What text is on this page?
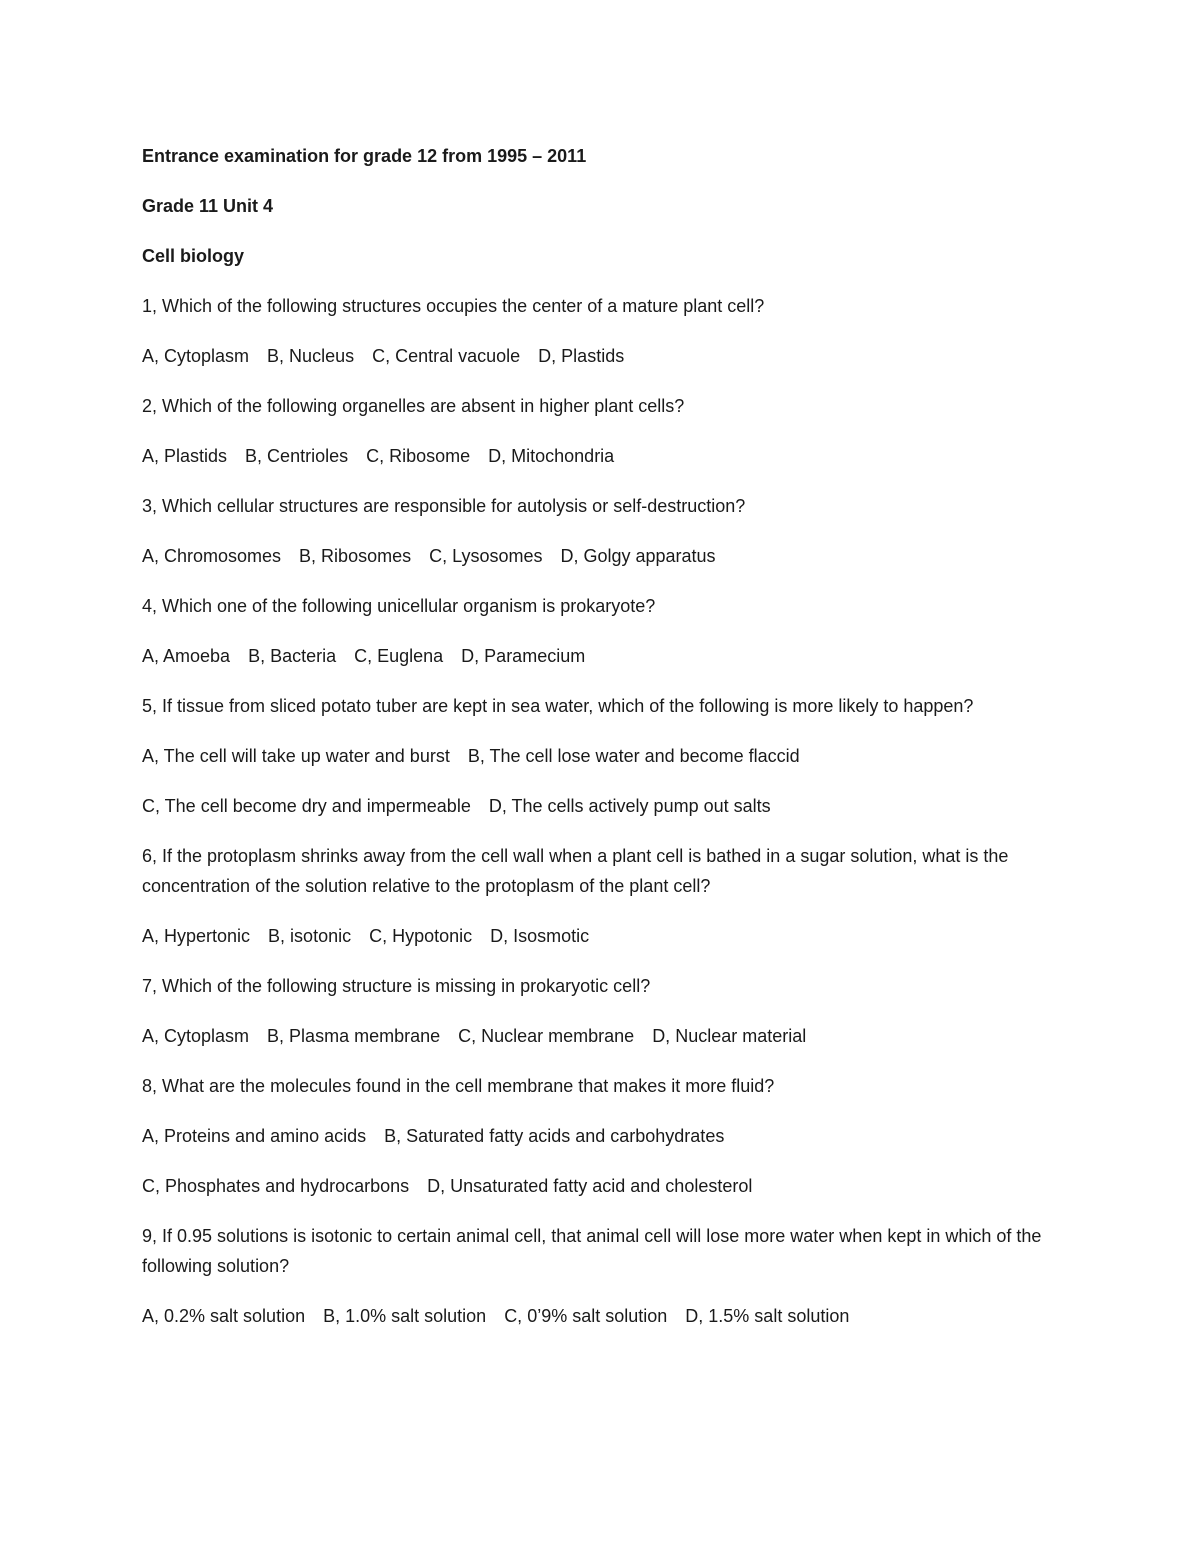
Entrance examination for grade 12 from 1995 – 2011
Grade 11 Unit 4
Cell biology
1, Which of the following structures occupies the center of a mature plant cell?
A, Cytoplasm B, Nucleus C, Central vacuole D, Plastids
2, Which of the following organelles are absent in higher plant cells?
A, Plastids B, Centrioles C, Ribosome D, Mitochondria
3, Which cellular structures are responsible for autolysis or self-destruction?
A, Chromosomes B, Ribosomes C, Lysosomes D, Golgy apparatus
4, Which one of the following unicellular organism is prokaryote?
A, Amoeba B, Bacteria C, Euglena D, Paramecium
5, If tissue from sliced potato tuber are kept in sea water, which of the following is more likely to happen?
A, The cell will take up water and burst B, The cell lose water and become flaccid
C, The cell become dry and impermeable D, The cells actively pump out salts
6, If the protoplasm shrinks away from the cell wall when a plant cell is bathed in a sugar solution, what is the concentration of the solution relative to the protoplasm of the plant cell?
A, Hypertonic B, isotonic C, Hypotonic D, Isosmotic
7, Which of the following structure is missing in prokaryotic cell?
A, Cytoplasm B, Plasma membrane C, Nuclear membrane D, Nuclear material
8, What are the molecules found in the cell membrane that makes it more fluid?
A, Proteins and amino acids B, Saturated fatty acids and carbohydrates
C, Phosphates and hydrocarbons D, Unsaturated fatty acid and cholesterol
9, If 0.95 solutions is isotonic to certain animal cell, that animal cell will lose more water when kept in which of the following solution?
A, 0.2% salt solution B, 1.0% salt solution C, 0’9% salt solution D, 1.5% salt solution
